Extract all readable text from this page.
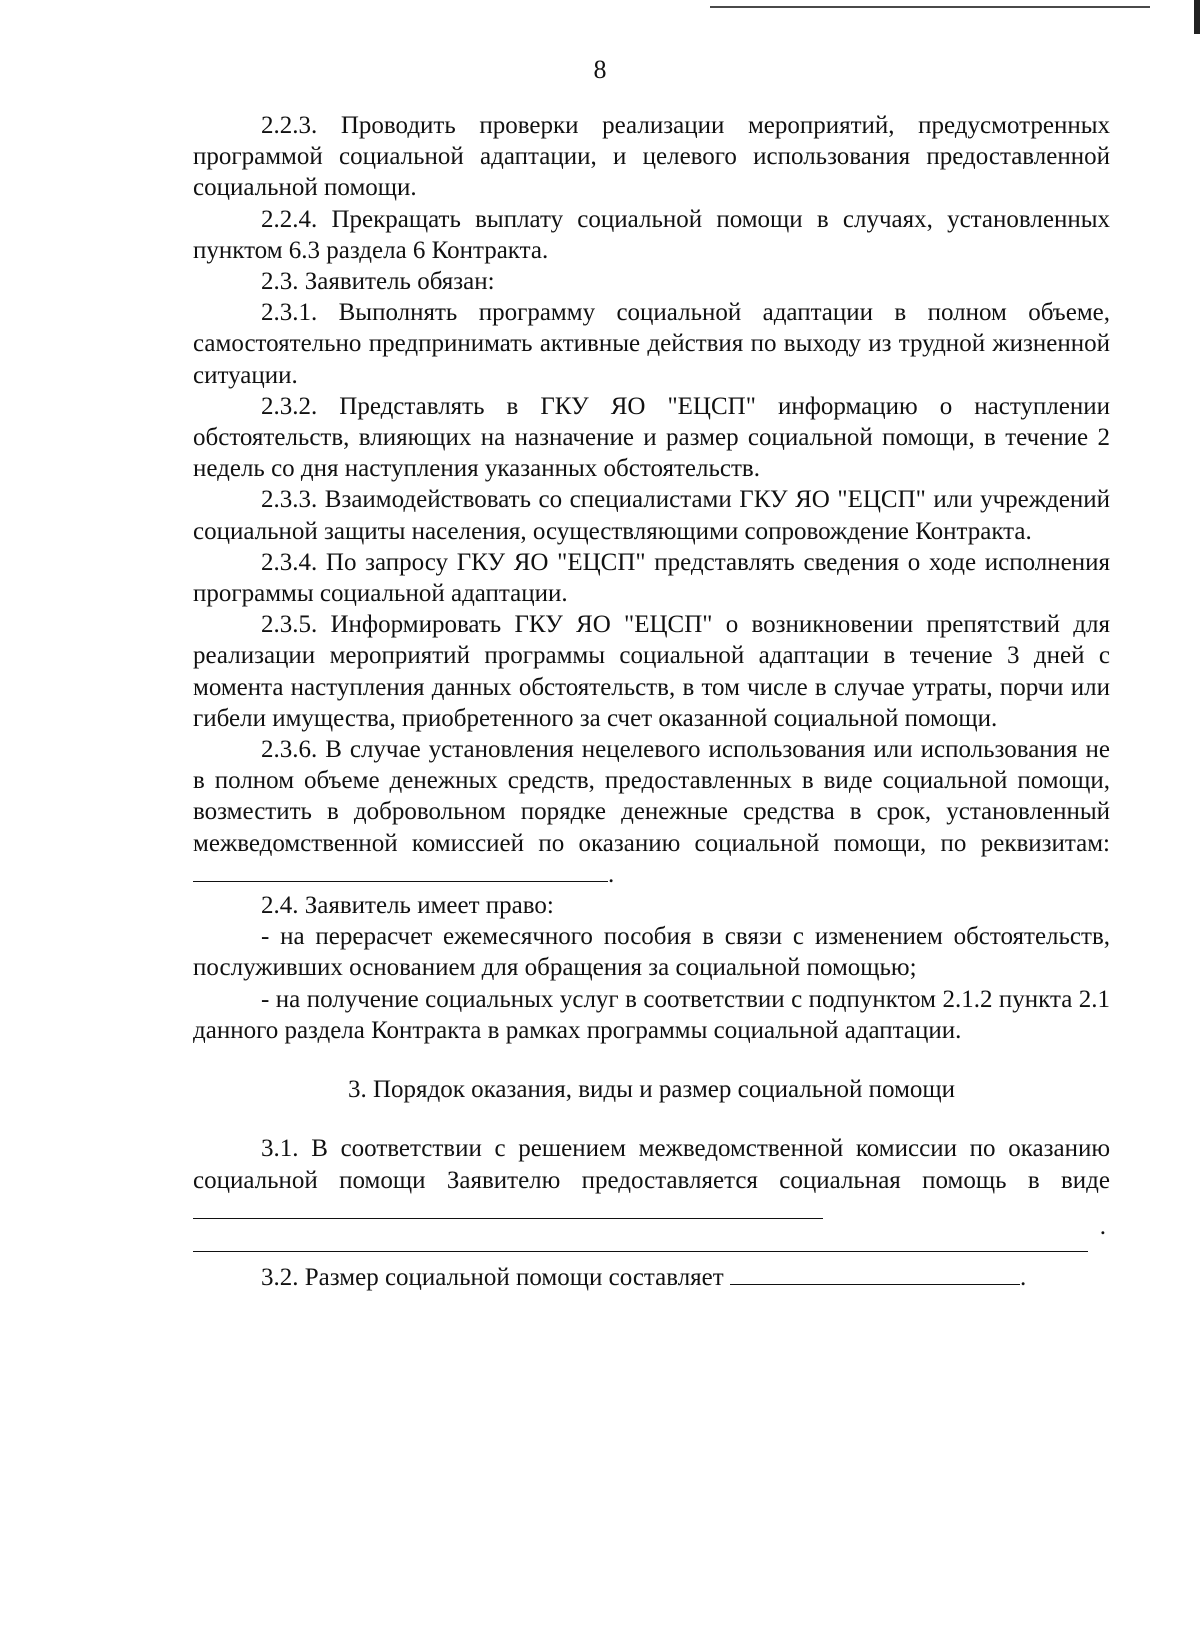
8

2.2.3. Проводить проверки реализации мероприятий, предусмотренных программой социальной адаптации, и целевого использования предоставленной социальной помощи.

2.2.4. Прекращать выплату социальной помощи в случаях, установленных пунктом 6.3 раздела 6 Контракта.

2.3. Заявитель обязан:

2.3.1. Выполнять программу социальной адаптации в полном объеме, самостоятельно предпринимать активные действия по выходу из трудной жизненной ситуации.

2.3.2. Представлять в ГКУ ЯО "ЕЦСП" информацию о наступлении обстоятельств, влияющих на назначение и размер социальной помощи, в течение 2 недель со дня наступления указанных обстоятельств.

2.3.3. Взаимодействовать со специалистами ГКУ ЯО "ЕЦСП" или учреждений социальной защиты населения, осуществляющими сопровождение Контракта.

2.3.4. По запросу ГКУ ЯО "ЕЦСП" представлять сведения о ходе исполнения программы социальной адаптации.

2.3.5. Информировать ГКУ ЯО "ЕЦСП" о возникновении препятствий для реализации мероприятий программы социальной адаптации в течение 3 дней с момента наступления данных обстоятельств, в том числе в случае утраты, порчи или гибели имущества, приобретенного за счет оказанной социальной помощи.

2.3.6. В случае установления нецелевого использования или использования не в полном объеме денежных средств, предоставленных в виде социальной помощи, возместить в добровольном порядке денежные средства в срок, установленный межведомственной комиссией по оказанию социальной помощи, по реквизитам: .

2.4. Заявитель имеет право:

- на перерасчет ежемесячного пособия в связи с изменением обстоятельств, послуживших основанием для обращения за социальной помощью;

- на получение социальных услуг в соответствии с подпунктом 2.1.2 пункта 2.1 данного раздела Контракта в рамках программы социальной адаптации.

3. Порядок оказания, виды и размер социальной помощи

3.1. В соответствии с решением межведомственной комиссии по оказанию социальной помощи Заявителю предоставляется социальная помощь в виде

.

3.2. Размер социальной помощи составляет	.
